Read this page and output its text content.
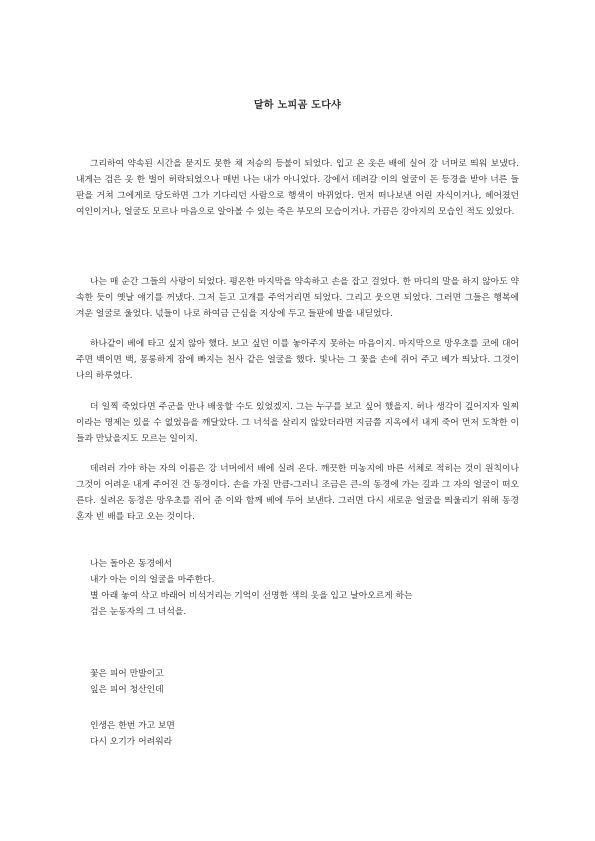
달하 노피곰 도다샤

그리하여 약속된 시간을 묻지도 못한 채 저승의 등불이 되었다. 입고 온 옷은 배에 실어 강 너머로 띄워 보냈다. 내게는 검은 옷 한 벌이 허락되었으나 매번 나는 내가 아니었다. 강에서 데려갈 이의 얼굴이 돈 등경을 받아 너른 들판을 거쳐 그에게로 당도하면 그가 기다리던 사람으로 행색이 바뀌었다. 먼저 떠나보낸 어린 자식이거나, 헤어졌던 여인이거나, 얼굴도 모르나 마음으로 알아볼 수 있는 죽은 부모의 모습이거나. 가끔은 강아지의 모습인 적도 있었다.

나는 매 순간 그들의 사랑이 되었다. 평온한 마지막을 약속하고 손을 잡고 걸었다. 한 마디의 말을 하지 않아도 약속한 듯이 옛날 얘기를 꺼냈다. 그저 듣고 고개를 주억거리면 되었다. 그리고 웃으면 되었다. 그러면 그들은 행복에 겨운 얼굴로 울었다. 넋들이 나로 하여금 근심을 지상에 두고 들판에 발을 내딛었다.

하나같이 베에 타고 싶지 않아 했다. 보고 싶던 이를 놓아주지 못하는 마음이지. 마지막으로 망우초를 코에 대어 주면 백이면 백, 몽롱하게 잠에 빠지는 천사 같은 얼굴을 했다. 빛나는 그 꽃을 손에 쥐어 주고 베가 띄났다. 그것이 나의 하루였다.

더 일찍 죽었다면 주군을 만나 배웅할 수도 있었겠지. 그는 누구를 보고 싶어 했을지. 허나 생각이 깊어지자 일찌이라는 명제는 있을 수 없었음을 깨달았다. 그 너석을 살리지 않았더라면 지금쯤 지옥에서 내게 죽어 먼저 도착한 이들과 만났을지도 모르는 일이지.

데려러 가야 하는 자의 이름은 강 너머에서 배에 실려 온다. 깨끗한 미농지에 바른 서체로 적히는 것이 원칙이나 그것이 어려운 내게 주어진 건 동경이다. 손을 가질 만큼-그러니 조금은 큰-의 동경에 가는 길과 그 자의 얼굴이 떠오른다. 실려온 동경은 망우초를 쥐어 준 이와 함께 베에 두어 보낸다. 그러면 다시 새로운 얼굴을 띄울리기 위해 동경 혼자 빈 배를 타고 오는 것이다.

나는 돌아온 동경에서
내가 아는 이의 얼굴을 마주한다.
별 아래 놓여 삭고 바래어 비석거리는 기억이 선명한 색의 옷을 입고 날아오르게 하는
검은 눈동자의 그 녀석을.
꽃은 피어 만발이고
잎은 피어 청산인데
인생은 한번 가고 보면
다시 오기가 어려워라
